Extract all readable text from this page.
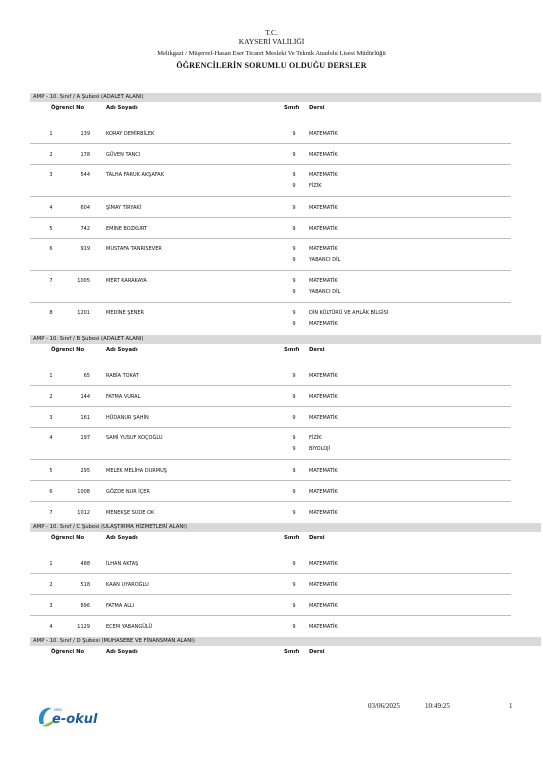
T.C.
KAYSERİ VALİLİĞİ
Melikgazi / Müşerref-Hasan Eser Ticaret Mesleki Ve Teknik Anadolu Lisesi Müdürlüğü
ÖĞRENCİLERİN SORUMLU OLDUĞU DERSLER
AMP - 10. Sınıf / A Şubesi (ADALET ALANI)
Öğrenci No	Adı Soyadı	Sınıfı Dersi
1	139	KORAY DEMİRBİLEK	9	MATEMATİK
2	178	GÜVEN TANCI	9	MATEMATİK
3	544	TALHA FARUK AKŞAFAK	9	MATEMATİK
9	FİZİK
4	604	ŞİMAY TİRYAKİ	9	MATEMATİK
5	742	EMİNE BOZKURT	9	MATEMATİK
6	919	MUSTAFA TANRISEVER	9	MATEMATİK
9	YABANCI DİL
7	1005	MERT KARAKAYA	9	MATEMATİK
9	YABANCI DİL
8	1201	MEDİNE ŞENER	9	DİN KÜLTÜRÜ VE AHLÂK BİLGİSİ
9	MATEMATİK
AMP - 10. Sınıf / B Şubesi (ADALET ALANI)
Öğrenci No	Adı Soyadı	Sınıfı Dersi
1	65	RABİA TOKAT	9	MATEMATİK
2	144	FATMA VURAL	9	MATEMATİK
3	161	HÜDANUR ŞAHİN	9	MATEMATİK
4	197	SAMİ YUSUF KOÇOĞLU	9	FİZİK
9	BİYOLOJİ
5	295	MELEK MELİHA DURMUŞ	9	MATEMATİK
6	1008	GÖZDE NUR İÇER	9	MATEMATİK
7	1012	MENEKŞE SUDE OK	9	MATEMATİK
AMP - 10. Sınıf / C Şubesi (ULAŞTIRMA HİZMETLERİ ALANI)
Öğrenci No	Adı Soyadı	Sınıfı Dersi
1	488	İLHAN AKTAŞ	9	MATEMATİK
2	518	KAAN UYAROĞLU	9	MATEMATİK
3	896	FATMA ALLI	9	MATEMATİK
4	1129	ECEM YABANGÜLÜ	9	MATEMATİK
AMP - 10. Sınıf / D Şubesi (MUHASEBE VE FİNANSMAN ALANI)
Öğrenci No	Adı Soyadı	Sınıfı Dersi
MEB
e-okul
03/06/2025	10:49:25	1
